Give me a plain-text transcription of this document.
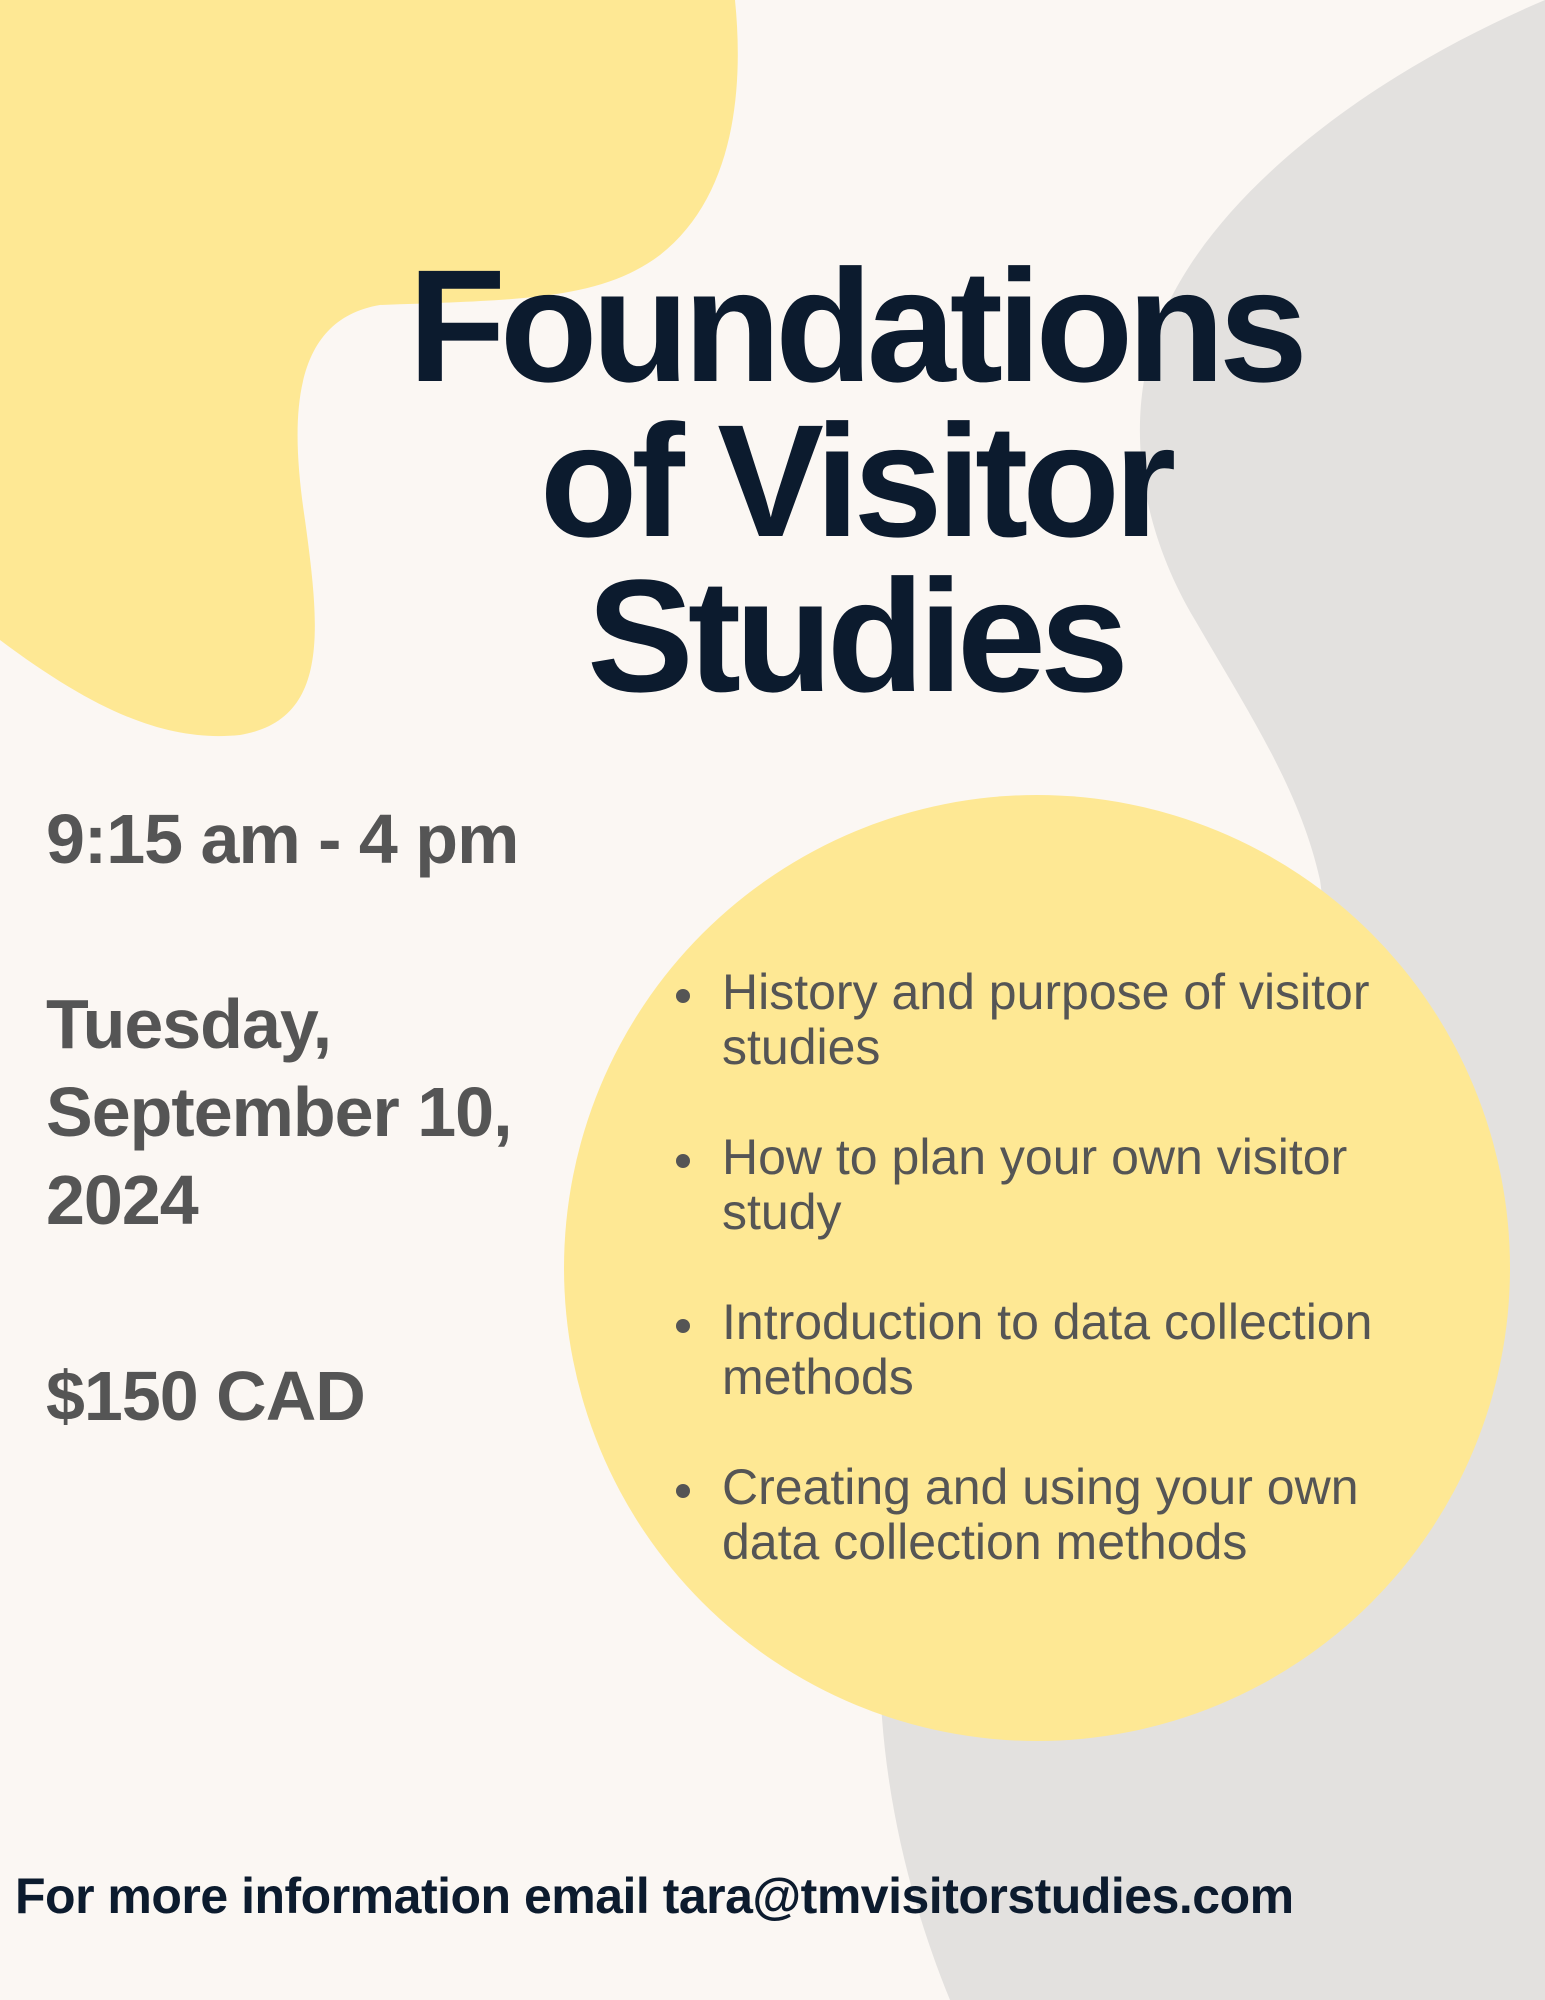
Foundations
of Visitor
Studies

9:15 am - 4 pm

Tuesday,
September 10,
2024

$150 CAD

History and purpose of visitor studies
How to plan your own visitor study
Introduction to data collection methods
Creating and using your own data collection methods

For more information email tara@tmvisitorstudies.com
